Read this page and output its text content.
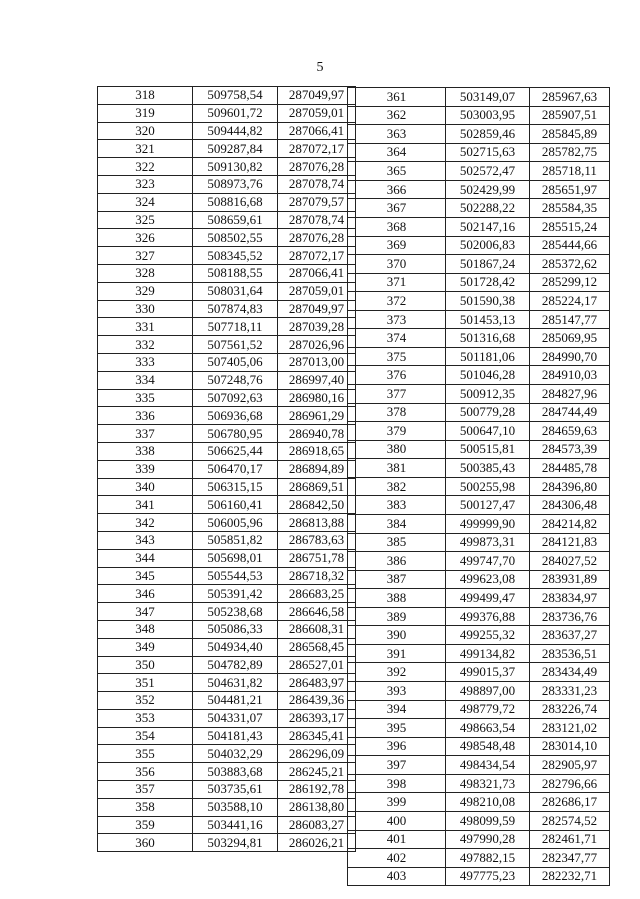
5
318	509758,54	287049,97
319	509601,72	287059,01
320	509444,82	287066,41
321	509287,84	287072,17
322	509130,82	287076,28
323	508973,76	287078,74
324	508816,68	287079,57
325	508659,61	287078,74
326	508502,55	287076,28
327	508345,52	287072,17
328	508188,55	287066,41
329	508031,64	287059,01
330	507874,83	287049,97
331	507718,11	287039,28
332	507561,52	287026,96
333	507405,06	287013,00
334	507248,76	286997,40
335	507092,63	286980,16
336	506936,68	286961,29
337	506780,95	286940,78
338	506625,44	286918,65
339	506470,17	286894,89
340	506315,15	286869,51
341	506160,41	286842,50
342	506005,96	286813,88
343	505851,82	286783,63
344	505698,01	286751,78
345	505544,53	286718,32
346	505391,42	286683,25
347	505238,68	286646,58
348	505086,33	286608,31
349	504934,40	286568,45
350	504782,89	286527,01
351	504631,82	286483,97
352	504481,21	286439,36
353	504331,07	286393,17
354	504181,43	286345,41
355	504032,29	286296,09
356	503883,68	286245,21
357	503735,61	286192,78
358	503588,10	286138,80
359	503441,16	286083,27
360	503294,81	286026,21
361	503149,07	285967,63
362	503003,95	285907,51
363	502859,46	285845,89
364	502715,63	285782,75
365	502572,47	285718,11
366	502429,99	285651,97
367	502288,22	285584,35
368	502147,16	285515,24
369	502006,83	285444,66
370	501867,24	285372,62
371	501728,42	285299,12
372	501590,38	285224,17
373	501453,13	285147,77
374	501316,68	285069,95
375	501181,06	284990,70
376	501046,28	284910,03
377	500912,35	284827,96
378	500779,28	284744,49
379	500647,10	284659,63
380	500515,81	284573,39
381	500385,43	284485,78
382	500255,98	284396,80
383	500127,47	284306,48
384	499999,90	284214,82
385	499873,31	284121,83
386	499747,70	284027,52
387	499623,08	283931,89
388	499499,47	283834,97
389	499376,88	283736,76
390	499255,32	283637,27
391	499134,82	283536,51
392	499015,37	283434,49
393	498897,00	283331,23
394	498779,72	283226,74
395	498663,54	283121,02
396	498548,48	283014,10
397	498434,54	282905,97
398	498321,73	282796,66
399	498210,08	282686,17
400	498099,59	282574,52
401	497990,28	282461,71
402	497882,15	282347,77
403	497775,23	282232,71
